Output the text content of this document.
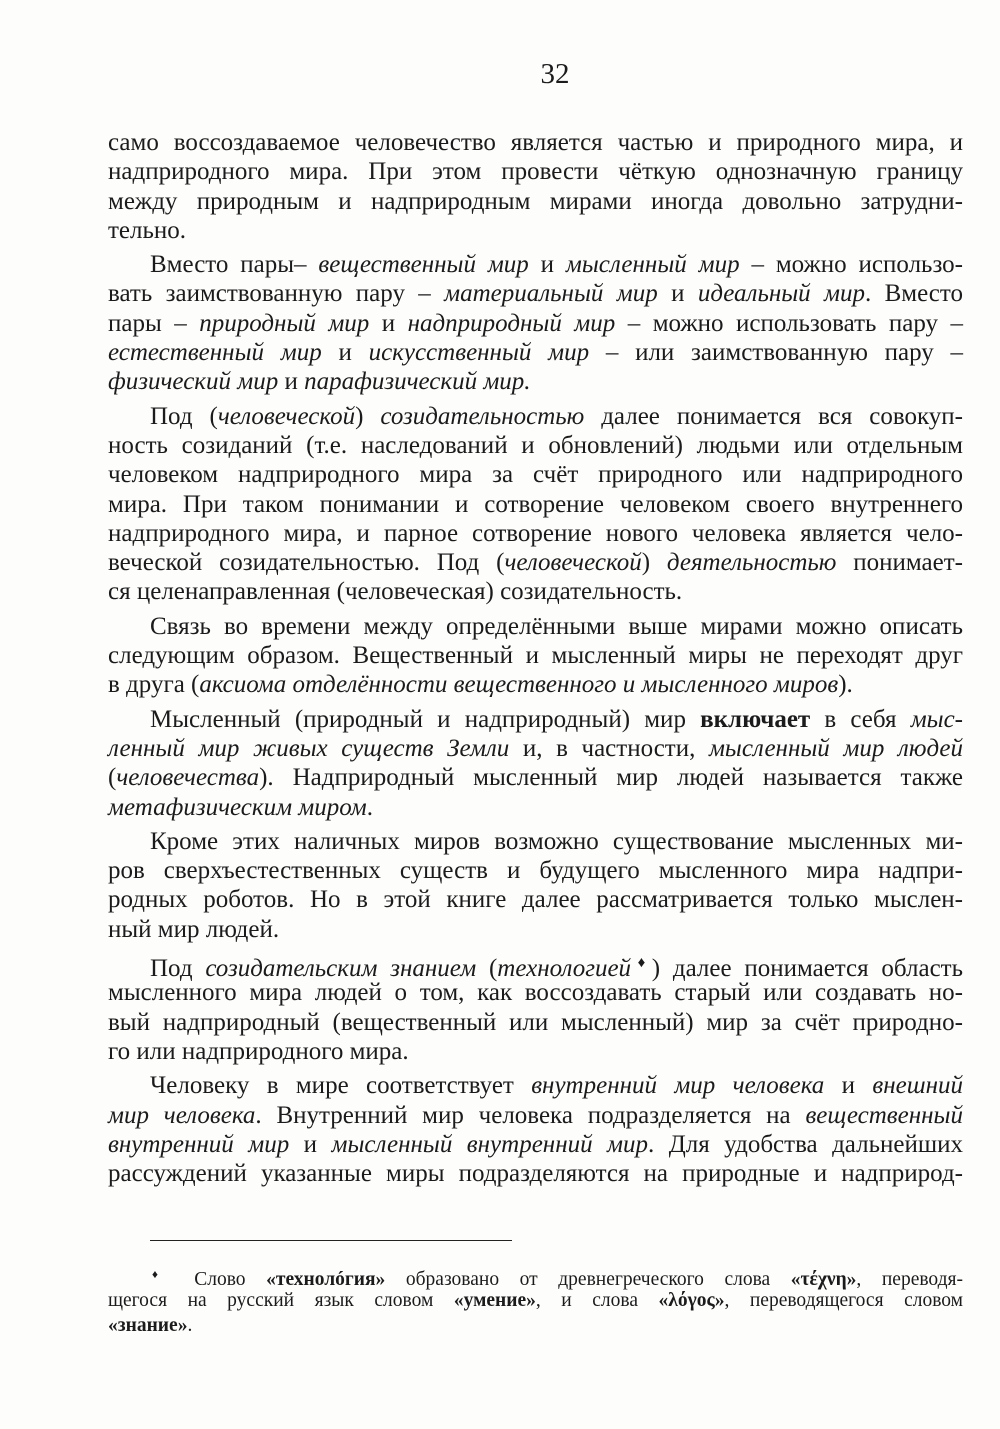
32
само воссоздаваемое человечество является частью и природного мира, и
надприродного мира. При этом провести чёткую однозначную границу
между природным и надприродным мирами иногда довольно затрудни-
тельно.
Вместо пары– вещественный мир и мысленный мир – можно использо-
вать заимствованную пару – материальный мир и идеальный мир. Вместо
пары – природный мир и надприродный мир – можно использовать пару –
естественный мир и искусственный мир – или заимствованную пару –
физический мир и парафизический мир.
Под (человеческой) созидательностью далее понимается вся совокуп-
ность созиданий (т.е. наследований и обновлений) людьми или отдельным
человеком надприродного мира за счёт природного или надприродного
мира. При таком понимании и сотворение человеком своего внутреннего
надприродного мира, и парное сотворение нового человека является чело-
веческой созидательностью. Под (человеческой) деятельностью понимает-
ся целенаправленная (человеческая) созидательность.
Связь во времени между определёнными выше мирами можно описать
следующим образом. Вещественный и мысленный миры не переходят друг
в друга (аксиома отделённости вещественного и мысленного миров).
Мысленный (природный и надприродный) мир включает в себя мыс-
ленный мир живых существ Земли и, в частности, мысленный мир людей
(человечества). Надприродный мысленный мир людей называется также
метафизическим миром.
Кроме этих наличных миров возможно существование мысленных ми-
ров сверхъестественных существ и будущего мысленного мира надпри-
родных роботов. Но в этой книге далее рассматривается только мыслен-
ный мир людей.
Под созидательским знанием (технологией♦) далее понимается область
мысленного мира людей о том, как воссоздавать старый или создавать но-
вый надприродный (вещественный или мысленный) мир за счёт природно-
го или надприродного мира.
Человеку в мире соответствует внутренний мир человека и внешний
мир человека. Внутренний мир человека подразделяется на вещественный
внутренний мир и мысленный внутренний мир. Для удобства дальнейших
рассуждений указанные миры подразделяются на природные и надприрод-
♦ Слово «технолóгия» образовано от древнегреческого слова «τέχνη», переводя-
щегося на русский язык словом «умение», и слова «λόγος», переводящегося словом
«знание».
